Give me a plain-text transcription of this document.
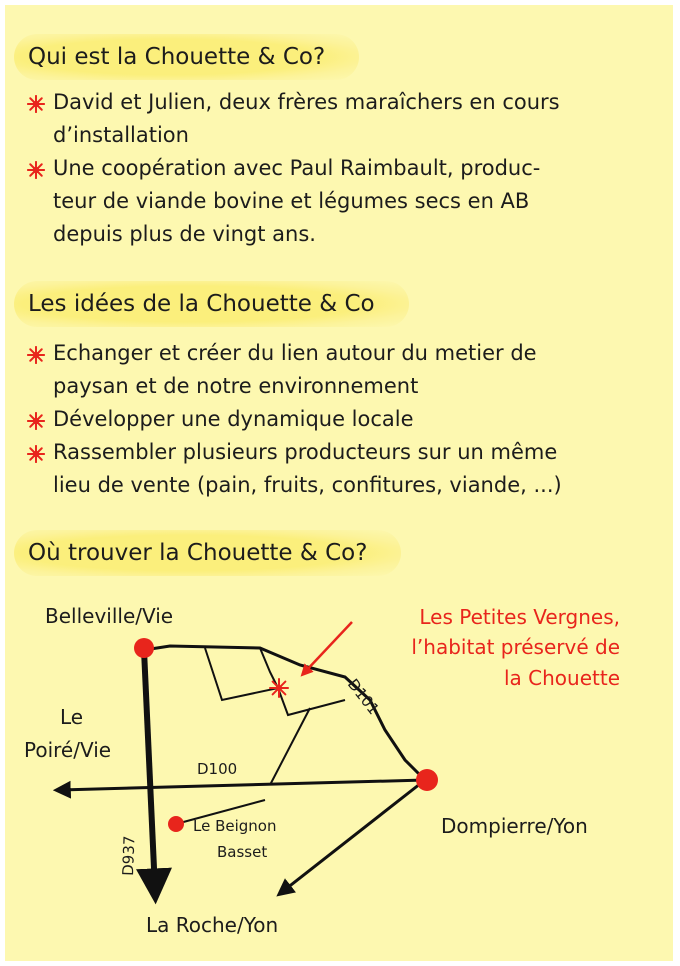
Qui est la Chouette & Co?
David et Julien, deux frères maraîchers en cours
d’installation
Une coopération avec Paul Raimbault, produc-
teur de viande bovine et légumes secs en AB
depuis plus de vingt ans.
Les idées de la Chouette & Co
Echanger et créer du lien autour du metier de
paysan et de notre environnement
Développer une dynamique locale
Rassembler plusieurs producteurs sur un même
lieu de vente (pain, fruits, confitures, viande, ...)
Où trouver la Chouette & Co?
Belleville/Vie
Le
Poiré/Vie
Dompierre/Yon
La Roche/Yon
Le Beignon
Basset
D100
D101
D937
Les Petites Vergnes,
l’habitat préservé de
la Chouette
